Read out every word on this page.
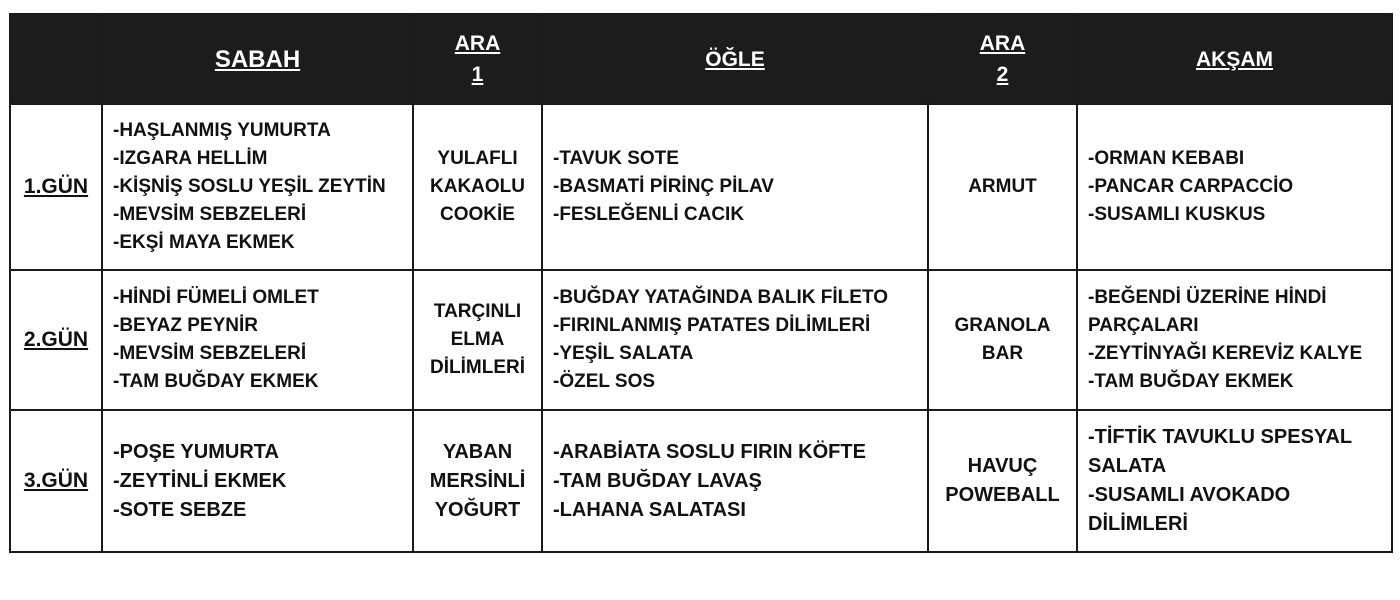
	SABAH	ARA
1	ÖĞLE	ARA
2	AKŞAM
1.GÜN	-HAŞLANMIŞ YUMURTA
-IZGARA HELLİM
-KİŞNİŞ SOSLU YEŞİL ZEYTİN
-MEVSİM SEBZELERİ
-EKŞİ MAYA EKMEK	YULAFLI
KAKAOLU
COOKİE	-TAVUK SOTE
-BASMATİ PİRİNÇ PİLAV
-FESLEĞENLİ CACIK	ARMUT	-ORMAN KEBABI
-PANCAR CARPACCİO
-SUSAMLI KUSKUS

2.GÜN	-HİNDİ FÜMELİ OMLET
-BEYAZ PEYNİR
-MEVSİM SEBZELERİ
-TAM BUĞDAY EKMEK	TARÇINLI
ELMA
DİLİMLERİ	-BUĞDAY YATAĞINDA BALIK FİLETO
-FIRINLANMIŞ PATATES DİLİMLERİ
-YEŞİL SALATA
-ÖZEL SOS	GRANOLA
BAR	-BEĞENDİ ÜZERİNE HİNDİ PARÇALARI
-ZEYTİNYAĞI KEREVİZ KALYE
-TAM BUĞDAY EKMEK

3.GÜN	-POŞE YUMURTA
-ZEYTİNLİ EKMEK
-SOTE SEBZE	YABAN
MERSİNLİ
YOĞURT	-ARABİATA SOSLU FIRIN KÖFTE
-TAM BUĞDAY LAVAŞ
-LAHANA SALATASI	HAVUÇ
POWEBALL	-TİFTİK TAVUKLU SPESYAL SALATA
-SUSAMLI AVOKADO DİLİMLERİ
